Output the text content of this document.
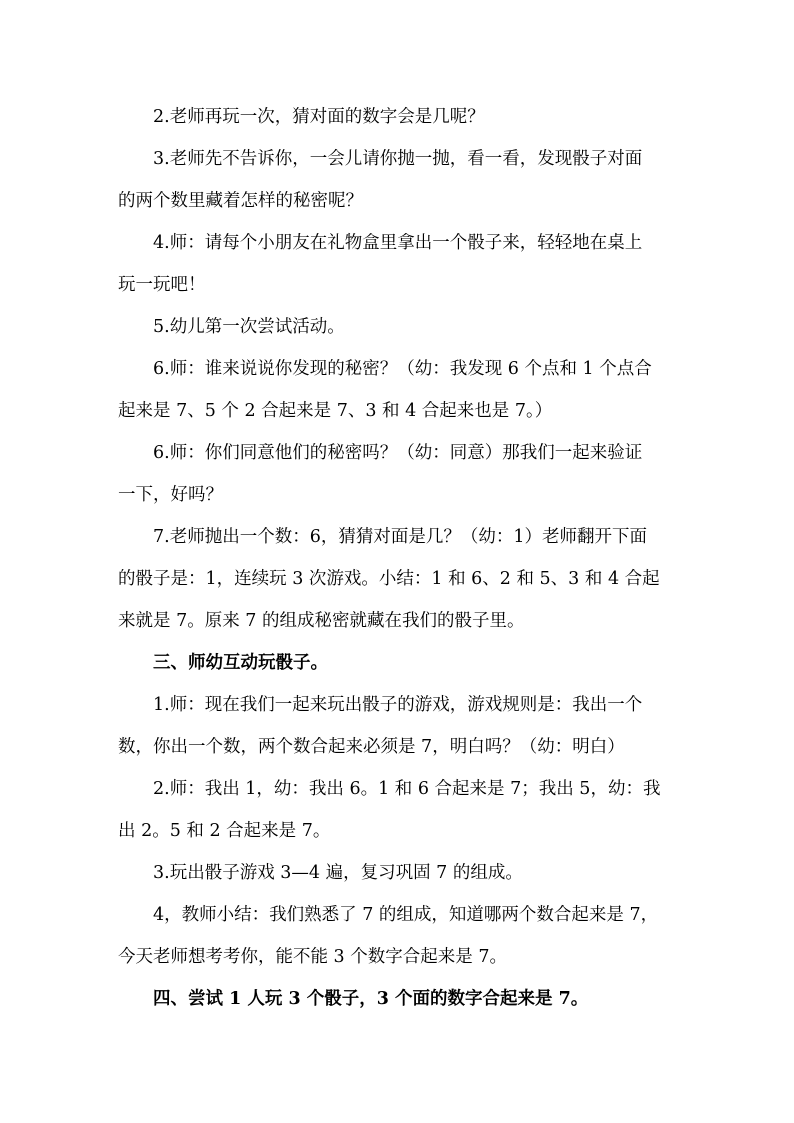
2.老师再玩一次，猜对面的数字会是几呢？
3.老师先不告诉你，一会儿请你抛一抛，看一看，发现骰子对面
的两个数里藏着怎样的秘密呢？
4.师：请每个小朋友在礼物盒里拿出一个骰子来，轻轻地在桌上
玩一玩吧！
5.幼儿第一次尝试活动。
6.师：谁来说说你发现的秘密？（幼：我发现 6 个点和 1 个点合
起来是 7、5 个 2 合起来是 7、3 和 4 合起来也是 7。）
6.师：你们同意他们的秘密吗？（幼：同意）那我们一起来验证
一下，好吗？
7.老师抛出一个数：6，猜猜对面是几？（幼：1）老师翻开下面
的骰子是：1，连续玩 3 次游戏。小结：1 和 6、2 和 5、3 和 4 合起
来就是 7。原来 7 的组成秘密就藏在我们的骰子里。
三、师幼互动玩骰子。
1.师：现在我们一起来玩出骰子的游戏，游戏规则是：我出一个
数，你出一个数，两个数合起来必须是 7，明白吗？（幼：明白）
2.师：我出 1，幼：我出 6。1 和 6 合起来是 7；我出 5，幼：我
出 2。5 和 2 合起来是 7。
3.玩出骰子游戏 3—4 遍，复习巩固 7 的组成。
4，教师小结：我们熟悉了 7 的组成，知道哪两个数合起来是 7，
今天老师想考考你，能不能 3 个数字合起来是 7。
四、尝试 1 人玩 3 个骰子，3 个面的数字合起来是 7。
